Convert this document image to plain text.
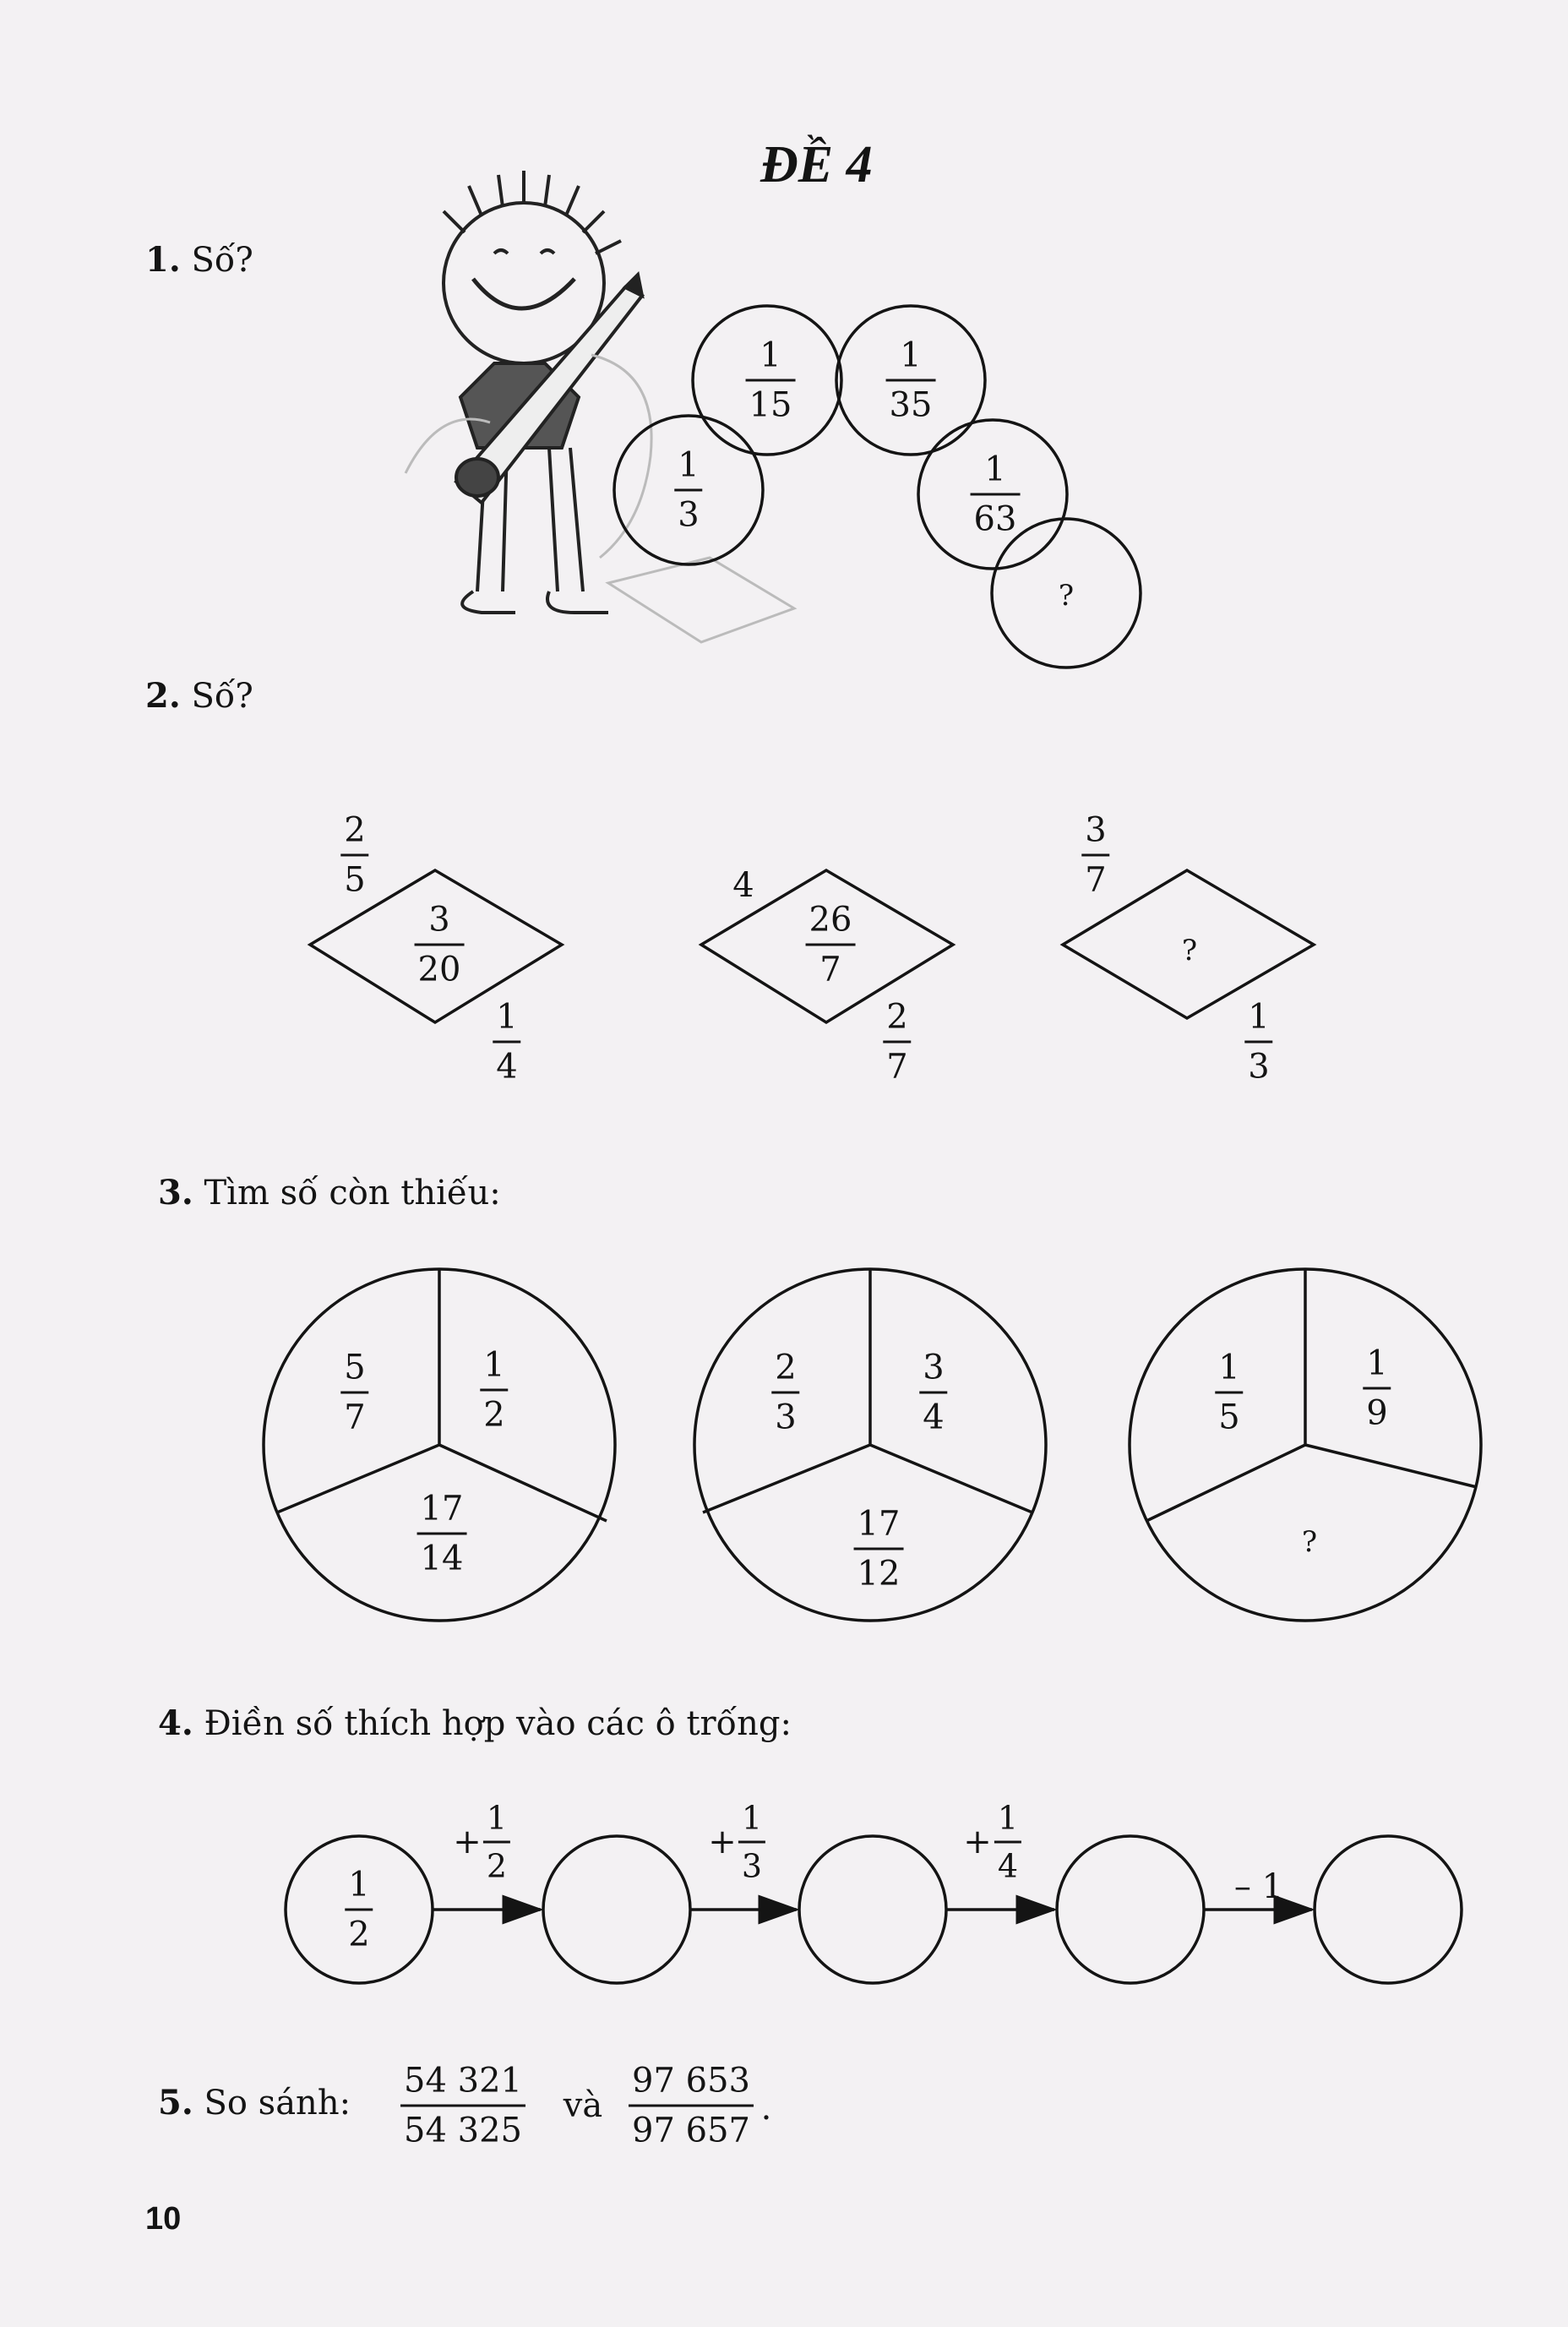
ĐỀ 4
1. Số?
1
3
1
15
1
35
1
63
?
2. Số?
2
5
3
20
1
4
4
26
7
2
7
3
7
?
1
3
3. Tìm số còn thiếu:
5
7
1
2
17
14
2
3
3
4
17
12
1
5
1
9
?
4. Điền số thích hợp vào các ô trống:
1
2
+
1
2
+
1
3
+
1
4
– 1
5. So sánh:
54 321
54 325
và
97 653
97 657
.
10
